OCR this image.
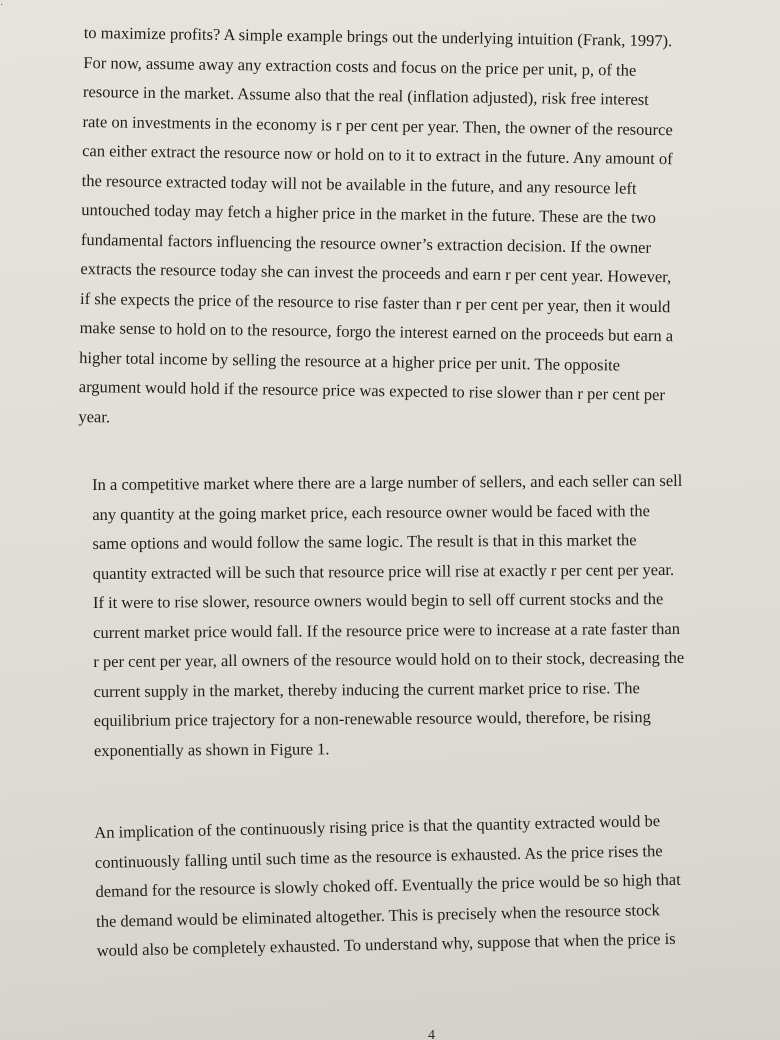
·
to maximize profits? A simple example brings out the underlying intuition (Frank, 1997).
For now, assume away any extraction costs and focus on the price per unit, p, of the
resource in the market. Assume also that the real (inflation adjusted), risk free interest
rate on investments in the economy is r per cent per year. Then, the owner of the resource
can either extract the resource now or hold on to it to extract in the future. Any amount of
the resource extracted today will not be available in the future, and any resource left
untouched today may fetch a higher price in the market in the future. These are the two
fundamental factors influencing the resource owner’s extraction decision. If the owner
extracts the resource today she can invest the proceeds and earn r per cent year. However,
if she expects the price of the resource to rise faster than r per cent per year, then it would
make sense to hold on to the resource, forgo the interest earned on the proceeds but earn a
higher total income by selling the resource at a higher price per unit. The opposite
argument would hold if the resource price was expected to rise slower than r per cent per
year.
In a competitive market where there are a large number of sellers, and each seller can sell
any quantity at the going market price, each resource owner would be faced with the
same options and would follow the same logic. The result is that in this market the
quantity extracted will be such that resource price will rise at exactly r per cent per year.
If it were to rise slower, resource owners would begin to sell off current stocks and the
current market price would fall. If the resource price were to increase at a rate faster than
r per cent per year, all owners of the resource would hold on to their stock, decreasing the
current supply in the market, thereby inducing the current market price to rise. The
equilibrium price trajectory for a non-renewable resource would, therefore, be rising
exponentially as shown in Figure 1.
An implication of the continuously rising price is that the quantity extracted would be
continuously falling until such time as the resource is exhausted. As the price rises the
demand for the resource is slowly choked off. Eventually the price would be so high that
the demand would be eliminated altogether. This is precisely when the resource stock
would also be completely exhausted. To understand why, suppose that when the price is
4
